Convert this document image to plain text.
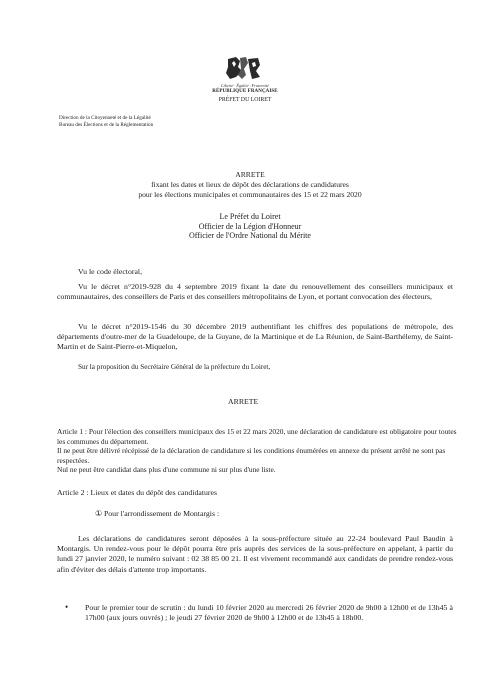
Liberté · Égalité · Fraternité
RÉPUBLIQUE FRANÇAISE
PRÉFET DU LOIRET
Direction de la Citoyenneté et de la Légalité
Bureau des Élections et de la Réglementation
ARRETE
fixant les dates et lieux de dépôt des déclarations de candidatures
pour les élections municipales et communautaires des 15 et 22 mars 2020
Le Préfet du Loiret
Officier de la Légion d'Honneur
Officier de l'Ordre National du Mérite
Vu le code électoral,
Vu le décret n°2019-928 du 4 septembre 2019 fixant la date du renouvellement des conseillers municipaux et communautaires, des conseillers de Paris et des conseillers métropolitains de Lyon, et portant convocation des électeurs,
Vu le décret n°2019-1546 du 30 décembre 2019 authentifiant les chiffres des populations de métropole, des départements d'outre-mer de la Guadeloupe, de la Guyane, de la Martinique et de La Réunion, de Saint-Barthélemy, de Saint-Martin et de Saint-Pierre-et-Miquelon,
Sur la proposition du Secrétaire Général de la préfecture du Loiret,
ARRETE
Article 1 : Pour l'élection des conseillers municipaux des 15 et 22 mars 2020, une déclaration de candidature est obligatoire pour toutes les communes du département.
Il ne peut être délivré récépissé de la déclaration de candidature si les conditions énumérées en annexe du présent arrêté ne sont pas respectées.
Nul ne peut être candidat dans plus d'une commune ni sur plus d'une liste.
Article 2 : Lieux et dates du dépôt des candidatures
① Pour l'arrondissement de Montargis :
Les déclarations de candidatures seront déposées à la sous-préfecture située au 22-24 boulevard Paul Baudin à Montargis. Un rendez-vous pour le dépôt pourra être pris auprès des services de la sous-préfecture en appelant, à partir du lundi 27 janvier 2020, le numéro suivant : 02 38 85 00 21. Il est vivement recommandé aux candidats de prendre rendez-vous afin d'éviter des délais d'attente trop importants.
• Pour le premier tour de scrutin : du lundi 10 février 2020 au mercredi 26 février 2020 de 9h00 à 12h00 et de 13h45 à 17h00 (aux jours ouvrés) ; le jeudi 27 février 2020 de 9h00 à 12h00 et de 13h45 à 18h00.
